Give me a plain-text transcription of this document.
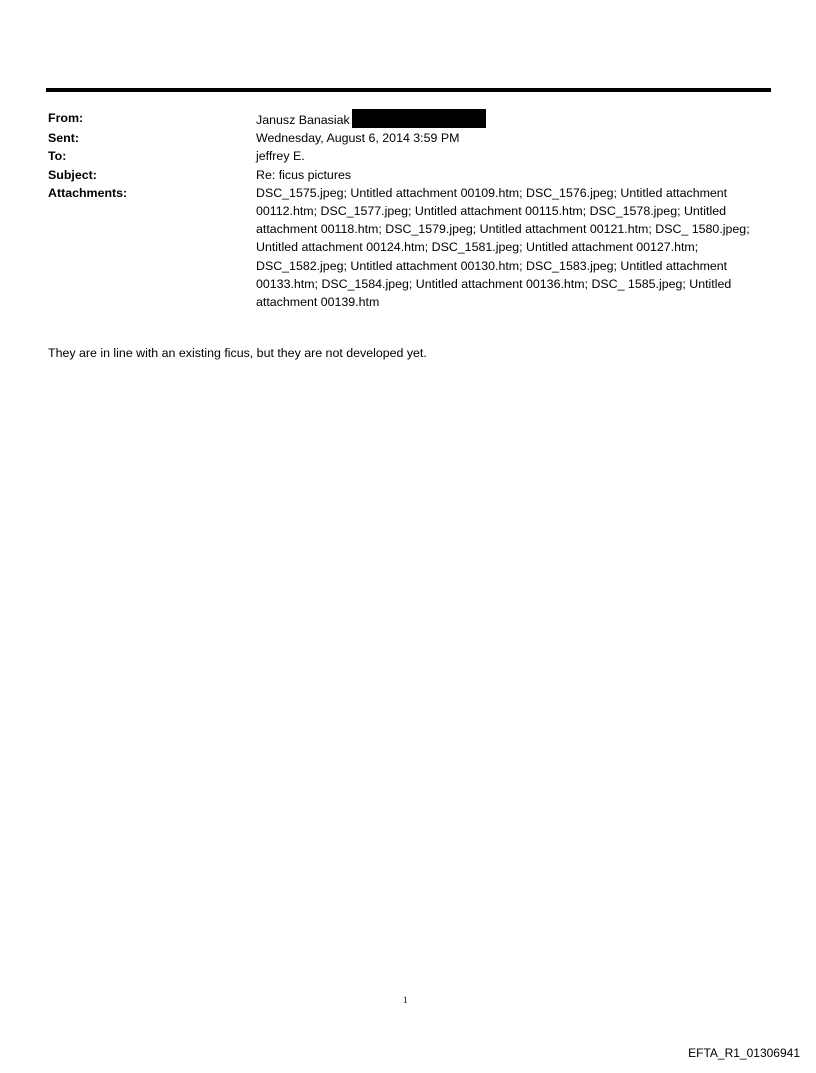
From:	Janusz Banasiak
Sent:	Wednesday, August 6, 2014 3:59 PM
To:	jeffrey E.
Subject:	Re: ficus pictures
Attachments:	DSC_1575.jpeg; Untitled attachment 00109.htm; DSC_1576.jpeg; Untitled attachment 00112.htm; DSC_1577.jpeg; Untitled attachment 00115.htm; DSC_1578.jpeg; Untitled attachment 00118.htm; DSC_1579.jpeg; Untitled attachment 00121.htm; DSC_ 1580.jpeg; Untitled attachment 00124.htm; DSC_1581.jpeg; Untitled attachment 00127.htm; DSC_1582.jpeg; Untitled attachment 00130.htm; DSC_1583.jpeg; Untitled attachment 00133.htm; DSC_1584.jpeg; Untitled attachment 00136.htm; DSC_ 1585.jpeg; Untitled attachment 00139.htm
They are in line with an existing ficus, but they are not developed yet.
1
EFTA_R1_01306941
